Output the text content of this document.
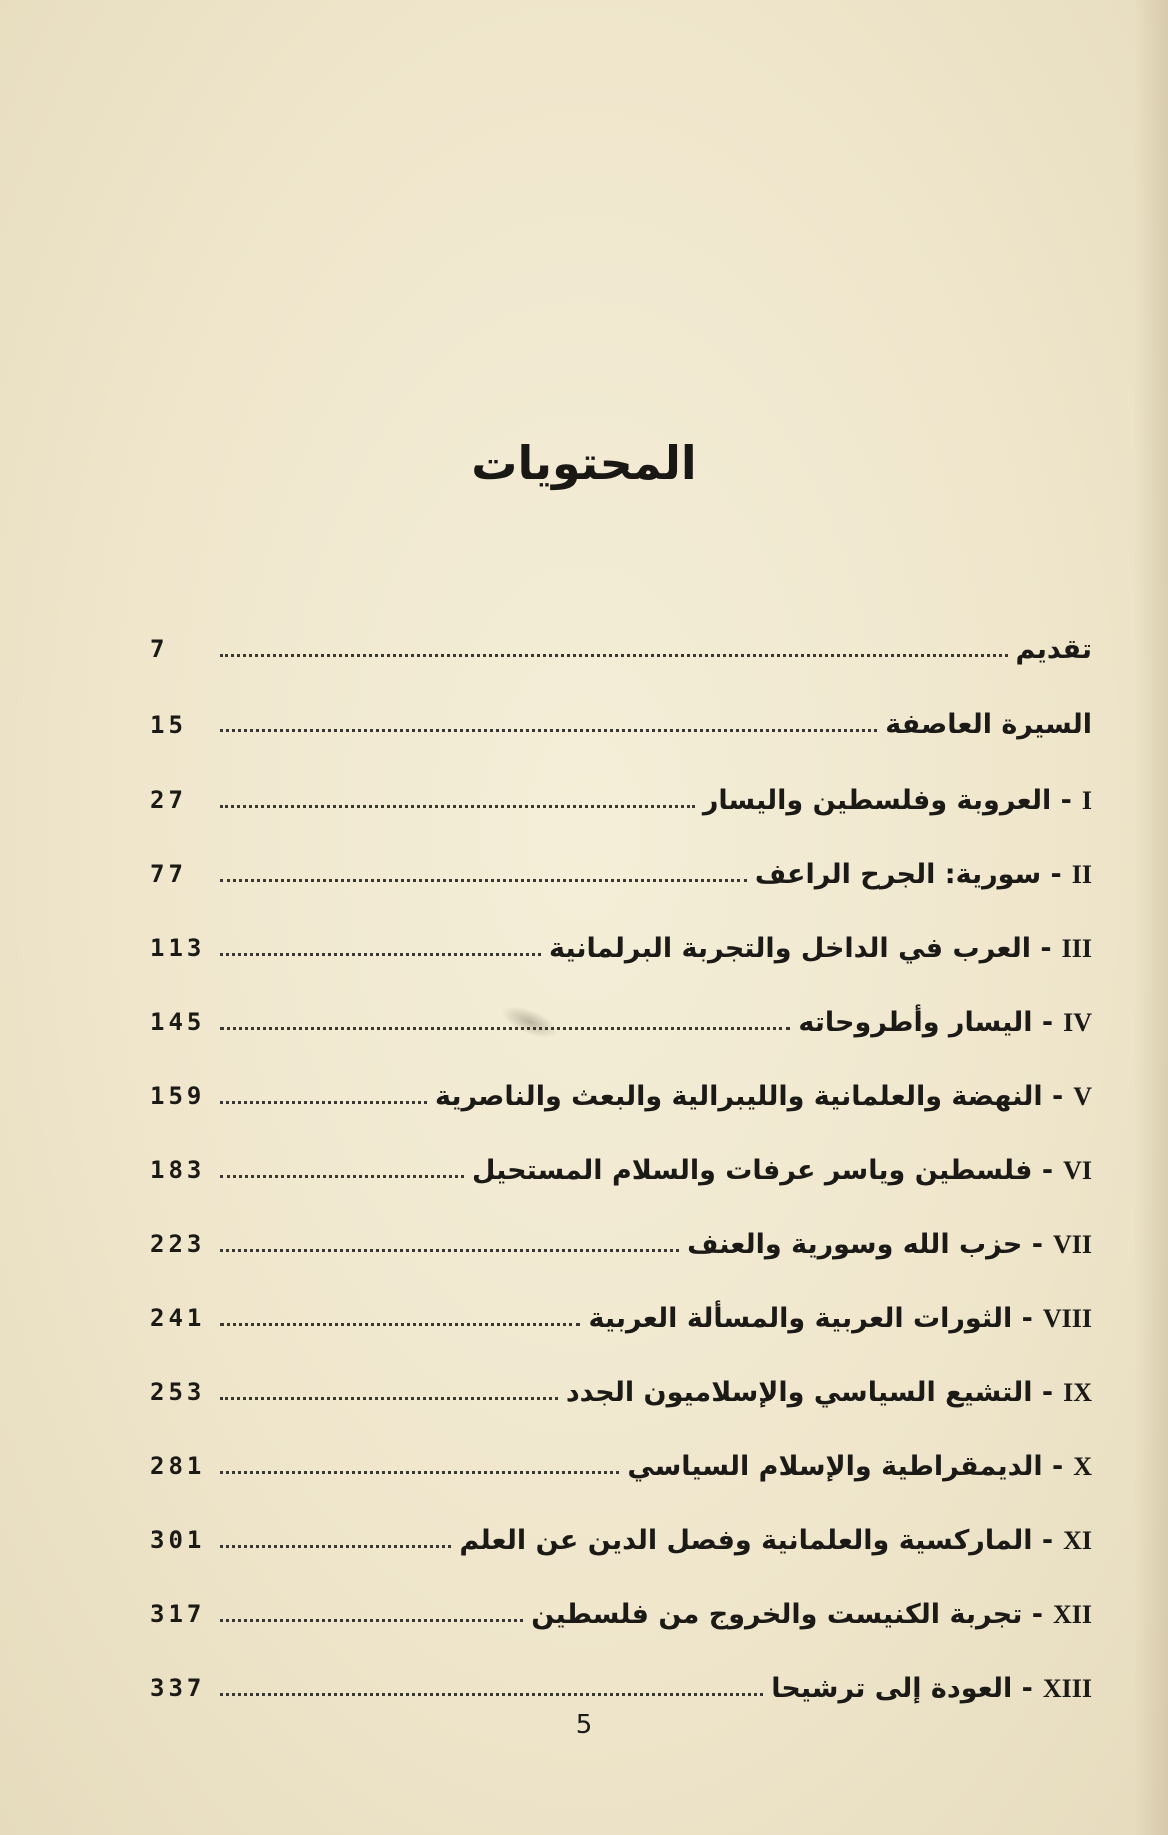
المحتويات
تقديم
7
السيرة العاصفة
15
I- العروبة وفلسطين واليسار
27
II- سورية: الجرح الراعف
77
III- العرب في الداخل والتجربة البرلمانية
113
IV- اليسار وأطروحاته
145
V- النهضة والعلمانية والليبرالية والبعث والناصرية
159
VI- فلسطين وياسر عرفات والسلام المستحيل
183
VII- حزب الله وسورية والعنف
223
VIII- الثورات العربية والمسألة العربية
241
IX- التشيع السياسي والإسلاميون الجدد
253
X- الديمقراطية والإسلام السياسي
281
XI- الماركسية والعلمانية وفصل الدين عن العلم
301
XII- تجربة الكنيست والخروج من فلسطين
317
XIII- العودة إلى ترشيحا
337
5
